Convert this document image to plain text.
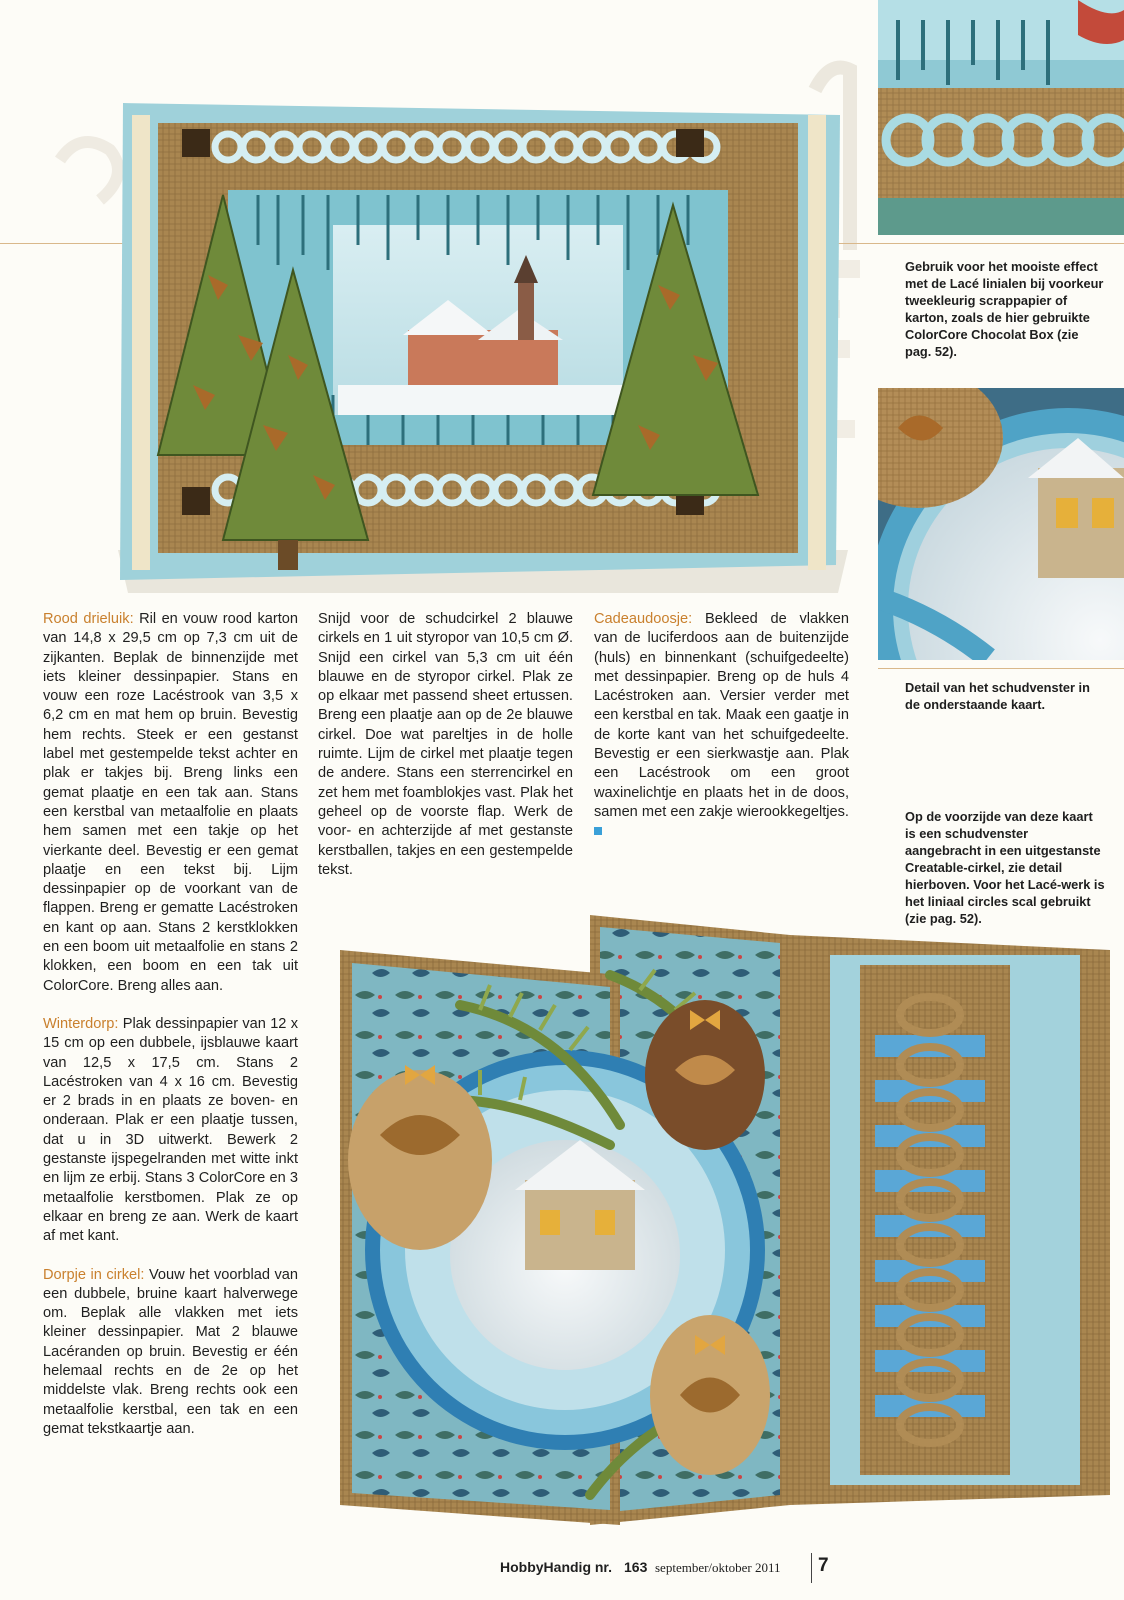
Gebruik voor het mooiste effect met de Lacé linialen bij voorkeur tweekleurig scrappapier of karton, zoals de hier gebruikte ColorCore Chocolat Box (zie pag. 52).
Detail van het schudvenster in de onderstaande kaart.
Op de voorzijde van deze kaart is een schudvenster aangebracht in een uitgestanste Creatable-cirkel, zie detail hierboven. Voor het Lacé-werk is het liniaal circles scal gebruikt (zie pag. 52).

Rood drieluik: Ril en vouw rood karton van 14,8 x 29,5 cm op 7,3 cm uit de zijkanten. Beplak de binnenzijde met iets kleiner dessinpapier. Stans en vouw een roze Lacéstrook van 3,5 x 6,2 cm en mat hem op bruin. Bevestig hem rechts. Steek er een gestanst label met gestempelde tekst achter en plak er takjes bij. Breng links een gemat plaatje en een tak aan. Stans een kerstbal van metaalfolie en plaats hem samen met een takje op het vierkante deel. Bevestig er een gemat plaatje en een tekst bij. Lijm dessinpapier op de voorkant van de flappen. Breng er gematte Lacéstroken en kant op aan. Stans 2 kerstklokken en een boom uit metaalfolie en stans 2 klokken, een boom en een tak uit ColorCore. Breng alles aan.

Winterdorp: Plak dessinpapier van 12 x 15 cm op een dubbele, ijsblauwe kaart van 12,5 x 17,5 cm. Stans 2 Lacéstroken van 4 x 16 cm. Bevestig er 2 brads in en plaats ze boven- en onderaan. Plak er een plaatje tussen, dat u in 3D uitwerkt. Bewerk 2 gestanste ijspegelranden met witte inkt en lijm ze erbij. Stans 3 ColorCore en 3 metaalfolie kerstbomen. Plak ze op elkaar en breng ze aan. Werk de kaart af met kant.

Dorpje in cirkel: Vouw het voorblad van een dubbele, bruine kaart halverwege om. Beplak alle vlakken met iets kleiner dessinpapier. Mat 2 blauwe Lacéranden op bruin. Bevestig er één helemaal rechts en de 2e op het middelste vlak. Breng rechts ook een metaalfolie kerstbal, een tak en een gemat tekstkaartje aan.

Snijd voor de schudcirkel 2 blauwe cirkels en 1 uit styropor van 10,5 cm Ø. Snijd een cirkel van 5,3 cm uit één blauwe en de styropor cirkel. Plak ze op elkaar met passend sheet ertussen. Breng een plaatje aan op de 2e blauwe cirkel. Doe wat pareltjes in de holle ruimte. Lijm de cirkel met plaatje tegen de andere. Stans een sterrencirkel en zet hem met foamblokjes vast. Plak het geheel op de voorste flap. Werk de voor- en achterzijde af met gestanste kerstballen, takjes en een gestempelde tekst.

Cadeaudoosje: Bekleed de vlakken van de luciferdoos aan de buitenzijde (huls) en binnenkant (schuifgedeelte) met dessinpapier. Breng op de huls 4 Lacéstroken aan. Versier verder met een kerstbal en tak. Maak een gaatje in de korte kant van het schuifgedeelte. Bevestig er een sierkwastje aan. Plak een Lacéstrook om een groot waxinelichtje en plaats het in de doos, samen met een zakje wierookkegeltjes.

HobbyHandig nr. 163 september/oktober 2011 7
